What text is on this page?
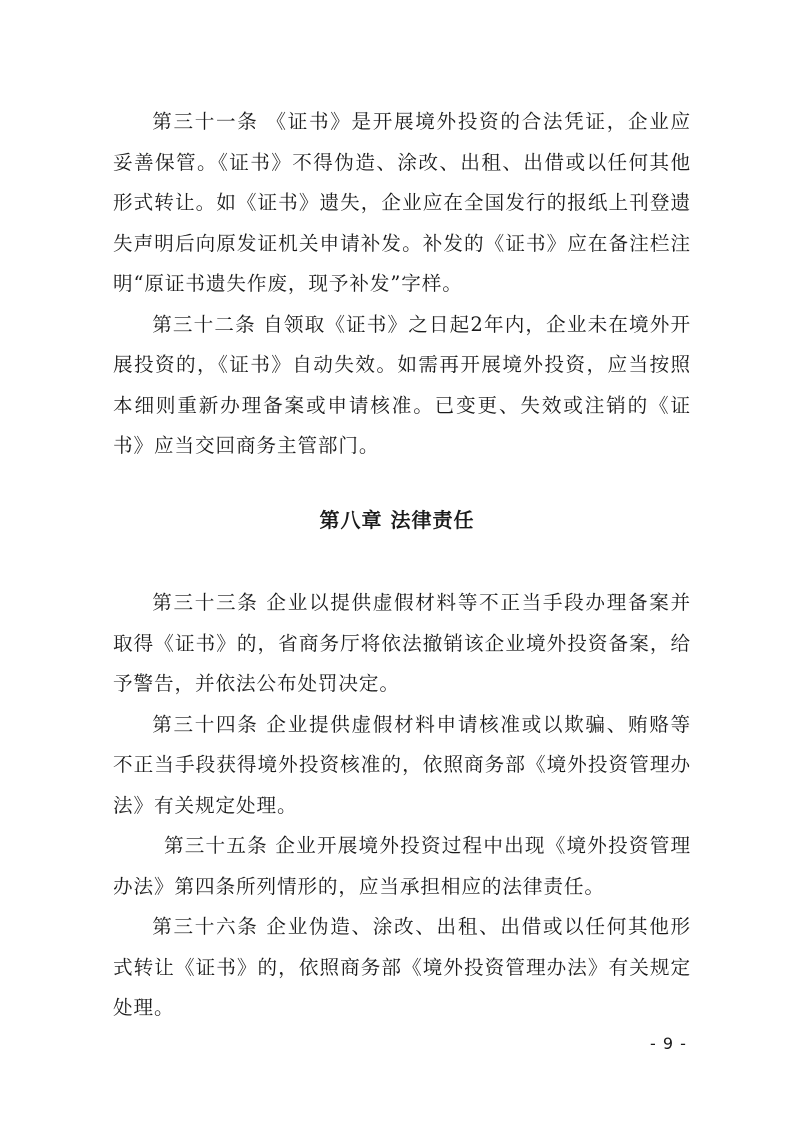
第三十一条 《证书》是开展境外投资的合法凭证，企业应妥善保管。《证书》不得伪造、涂改、出租、出借或以任何其他形式转让。如《证书》遗失，企业应在全国发行的报纸上刊登遗失声明后向原发证机关申请补发。补发的《证书》应在备注栏注明“原证书遗失作废，现予补发”字样。

第三十二条 自领取《证书》之日起2年内，企业未在境外开展投资的，《证书》自动失效。如需再开展境外投资，应当按照本细则重新办理备案或申请核准。已变更、失效或注销的《证书》应当交回商务主管部门。

第八章 法律责任

第三十三条 企业以提供虚假材料等不正当手段办理备案并取得《证书》的，省商务厅将依法撤销该企业境外投资备案，给予警告，并依法公布处罚决定。

第三十四条 企业提供虚假材料申请核准或以欺骗、贿赂等不正当手段获得境外投资核准的，依照商务部《境外投资管理办法》有关规定处理。

第三十五条 企业开展境外投资过程中出现《境外投资管理办法》第四条所列情形的，应当承担相应的法律责任。

第三十六条 企业伪造、涂改、出租、出借或以任何其他形式转让《证书》的，依照商务部《境外投资管理办法》有关规定处理。

- 9 -
